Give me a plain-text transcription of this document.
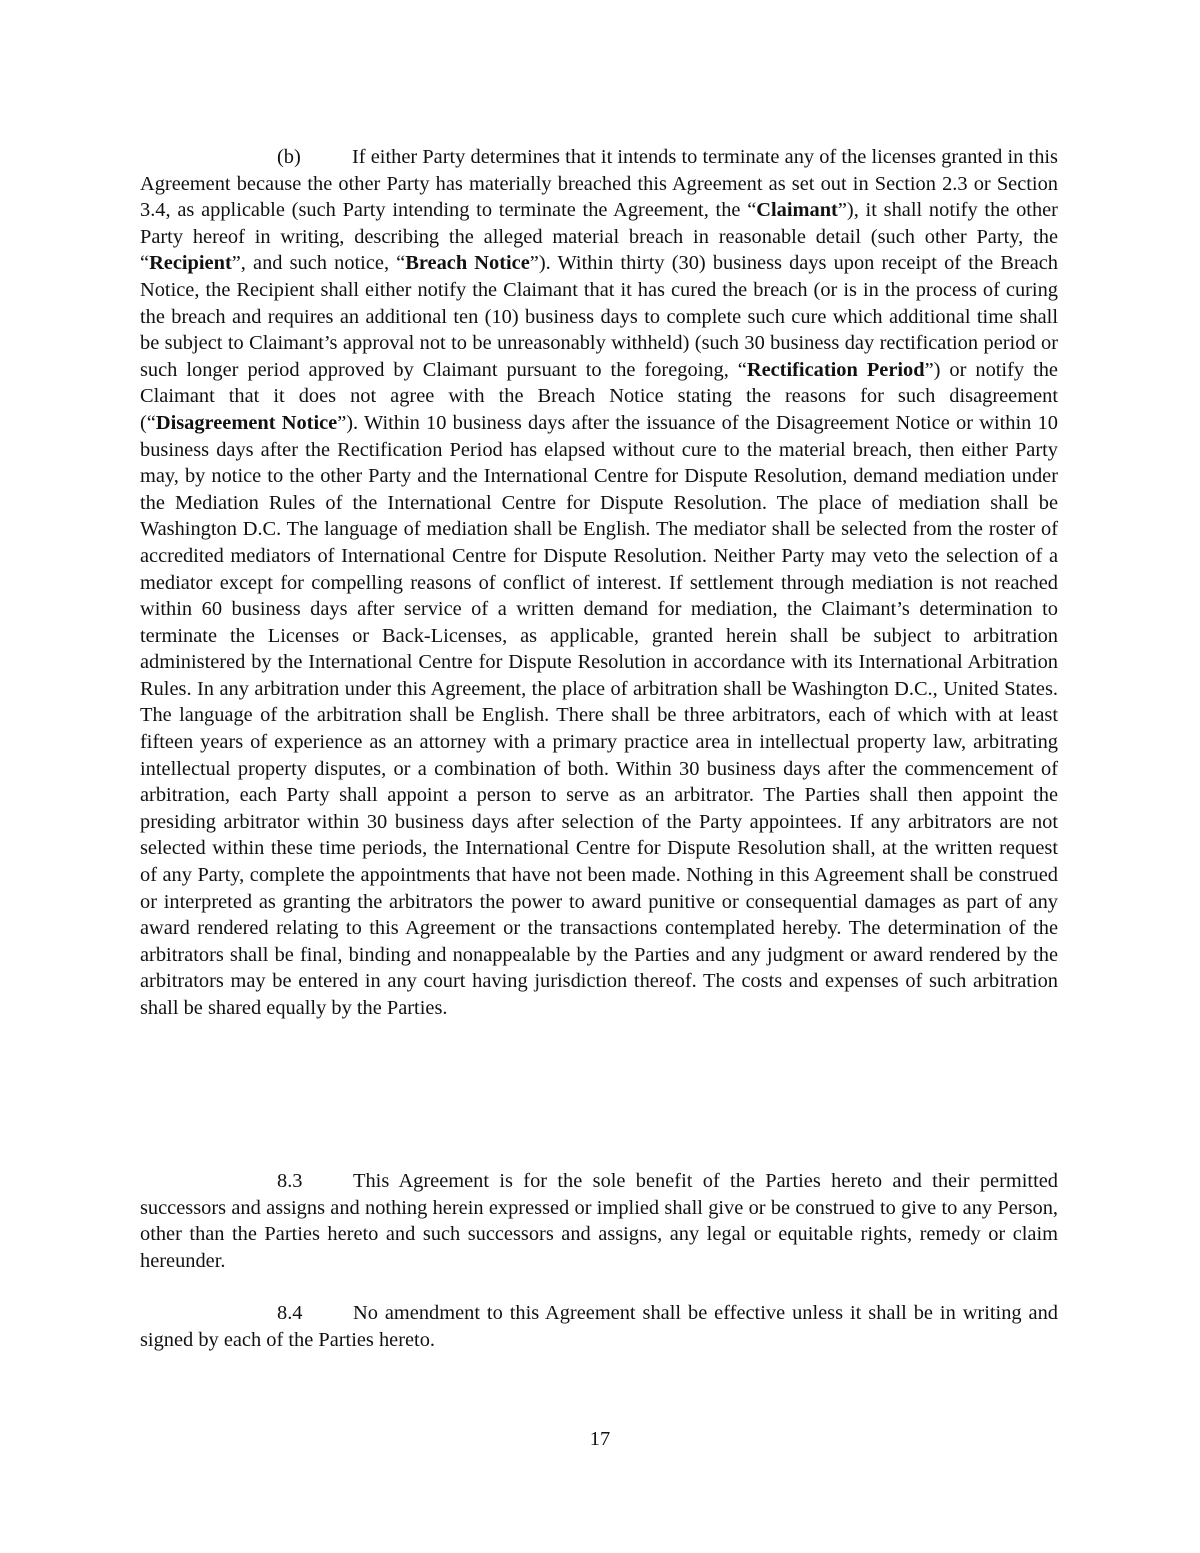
(b)	If either Party determines that it intends to terminate any of the licenses granted in this Agreement because the other Party has materially breached this Agreement as set out in Section 2.3 or Section 3.4, as applicable (such Party intending to terminate the Agreement, the “Claimant”), it shall notify the other Party hereof in writing, describing the alleged material breach in reasonable detail (such other Party, the “Recipient”, and such notice, “Breach Notice”). Within thirty (30) business days upon receipt of the Breach Notice, the Recipient shall either notify the Claimant that it has cured the breach (or is in the process of curing the breach and requires an additional ten (10) business days to complete such cure which additional time shall be subject to Claimant’s approval not to be unreasonably withheld) (such 30 business day rectification period or such longer period approved by Claimant pursuant to the foregoing, “Rectification Period”) or notify the Claimant that it does not agree with the Breach Notice stating the reasons for such disagreement (“Disagreement Notice”). Within 10 business days after the issuance of the Disagreement Notice or within 10 business days after the Rectification Period has elapsed without cure to the material breach, then either Party may, by notice to the other Party and the International Centre for Dispute Resolution, demand mediation under the Mediation Rules of the International Centre for Dispute Resolution. The place of mediation shall be Washington D.C. The language of mediation shall be English. The mediator shall be selected from the roster of accredited mediators of International Centre for Dispute Resolution. Neither Party may veto the selection of a mediator except for compelling reasons of conflict of interest. If settlement through mediation is not reached within 60 business days after service of a written demand for mediation, the Claimant’s determination to terminate the Licenses or Back-Licenses, as applicable, granted herein shall be subject to arbitration administered by the International Centre for Dispute Resolution in accordance with its International Arbitration Rules. In any arbitration under this Agreement, the place of arbitration shall be Washington D.C., United States. The language of the arbitration shall be English. There shall be three arbitrators, each of which with at least fifteen years of experience as an attorney with a primary practice area in intellectual property law, arbitrating intellectual property disputes, or a combination of both. Within 30 business days after the commencement of arbitration, each Party shall appoint a person to serve as an arbitrator. The Parties shall then appoint the presiding arbitrator within 30 business days after selection of the Party appointees. If any arbitrators are not selected within these time periods, the International Centre for Dispute Resolution shall, at the written request of any Party, complete the appointments that have not been made. Nothing in this Agreement shall be construed or interpreted as granting the arbitrators the power to award punitive or consequential damages as part of any award rendered relating to this Agreement or the transactions contemplated hereby. The determination of the arbitrators shall be final, binding and nonappealable by the Parties and any judgment or award rendered by the arbitrators may be entered in any court having jurisdiction thereof. The costs and expenses of such arbitration shall be shared equally by the Parties.

8.3 This Agreement is for the sole benefit of the Parties hereto and their permitted successors and assigns and nothing herein expressed or implied shall give or be construed to give to any Person, other than the Parties hereto and such successors and assigns, any legal or equitable rights, remedy or claim hereunder.

8.4 No amendment to this Agreement shall be effective unless it shall be in writing and signed by each of the Parties hereto.

17
